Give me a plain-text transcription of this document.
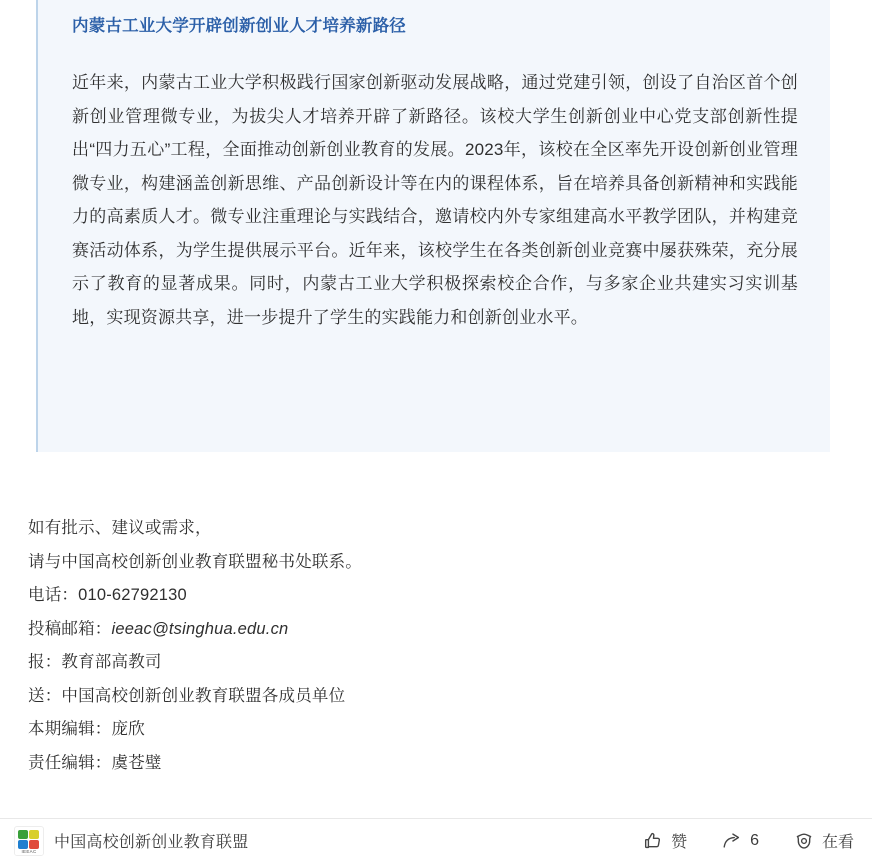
内蒙古工业大学开辟创新创业人才培养新路径

近年来，内蒙古工业大学积极践行国家创新驱动发展战略，通过党建引领，创设了自治区首个创新创业管理微专业，为拔尖人才培养开辟了新路径。该校大学生创新创业中心党支部创新性提出“四力五心”工程，全面推动创新创业教育的发展。2023年，该校在全区率先开设创新创业管理微专业，构建涵盖创新思维、产品创新设计等在内的课程体系，旨在培养具备创新精神和实践能力的高素质人才。微专业注重理论与实践结合，邀请校内外专家组建高水平教学团队，并构建竞赛活动体系，为学生提供展示平台。近年来，该校学生在各类创新创业竞赛中屡获殊荣，充分展示了教育的显著成果。同时，内蒙古工业大学积极探索校企合作，与多家企业共建实习实训基地，实现资源共享，进一步提升了学生的实践能力和创新创业水平。

如有批示、建议或需求，
请与中国高校创新创业教育联盟秘书处联系。
电话：010-62792130
投稿邮箱：ieeac@tsinghua.edu.cn
报：教育部高教司
送：中国高校创新创业教育联盟各成员单位
本期编辑：庞欣
责任编辑：虞苍璧
IEEAC	中国高校创新创业教育联盟	赞	6	在看
